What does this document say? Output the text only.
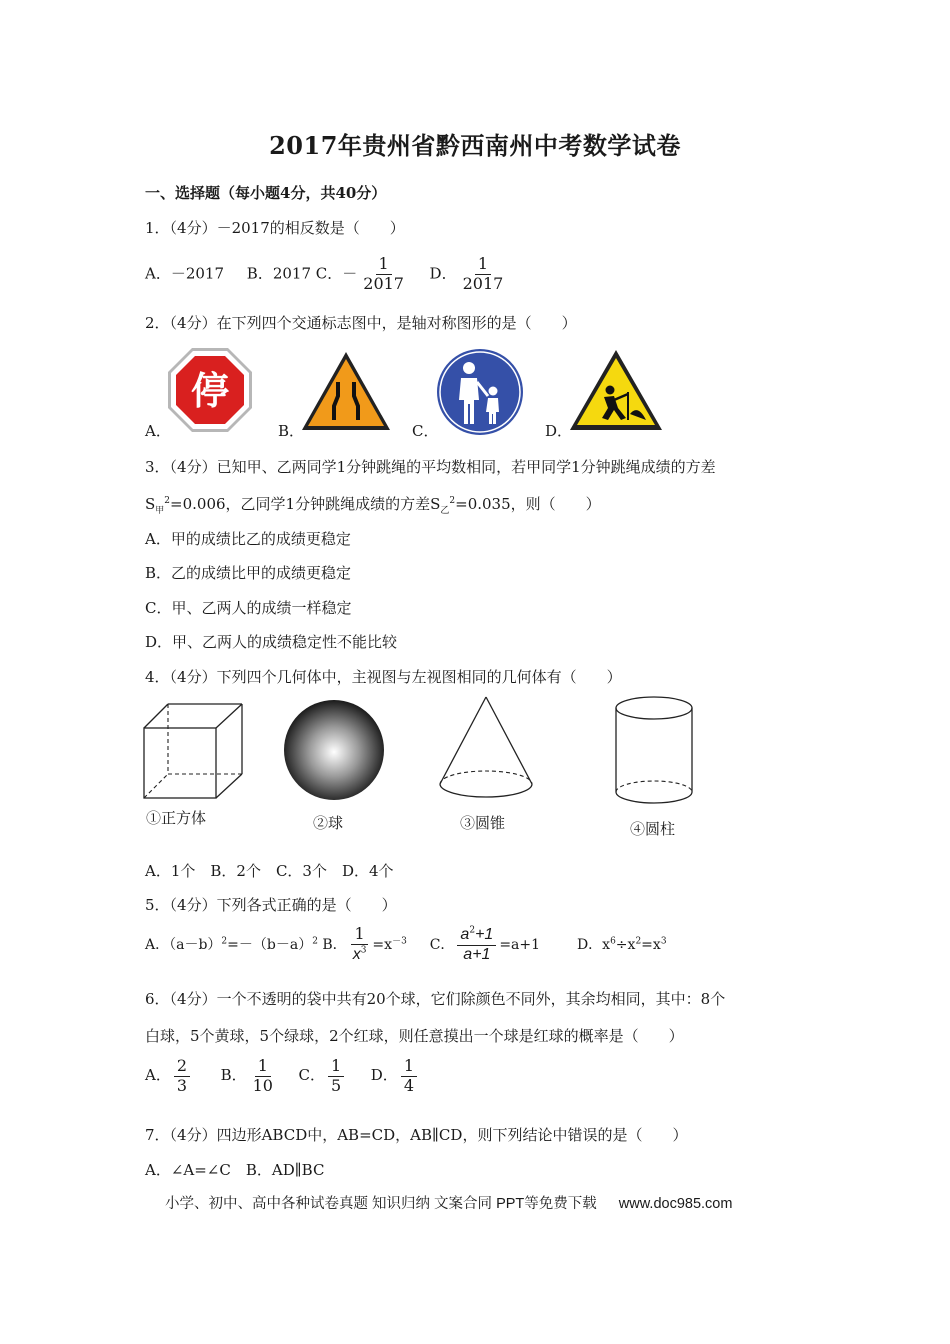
2017年贵州省黔西南州中考数学试卷
一、选择题（每小题4分，共40分）
1．（4分）－2017的相反数是（　　）
A．－2017 B．2017 C．－ $\frac{1}{2017}$ D． $\frac{1}{2017}$
2．（4分）在下列四个交通标志图中，是轴对称图形的是（　　）
A．	B．	C．	D．
停
3．（4分）已知甲、乙两同学1分钟跳绳的平均数相同，若甲同学1分钟跳绳成绩的方差
$S_甲^2=0.006$，乙同学1分钟跳绳成绩的方差$S_乙^2=0.035$，则（　　）
A．甲的成绩比乙的成绩更稳定
B．乙的成绩比甲的成绩更稳定
C．甲、乙两人的成绩一样稳定
D．甲、乙两人的成绩稳定性不能比较
4．（4分）下列四个几何体中，主视图与左视图相同的几何体有（　　）
①正方体	②球	③圆锥	④圆柱
A．1个　B．2个　C．3个　D．4个
5．（4分）下列各式正确的是（　　）
A．$(a-b)^2=-(b-a)^2$ B． $\frac{1}{x^3} =x^{-3}$ C． $\frac{a^2+1}{a+1} =a+1$	D．$x^6\div x^2=x^3$
6．（4分）一个不透明的袋中共有20个球，它们除颜色不同外，其余均相同，其中：8个
白球，5个黄球，5个绿球，2个红球，则任意摸出一个球是红球的概率是（　　）
A． $\frac{2}{3}$ B． $\frac{1}{10}$ C． $\frac{1}{5}$ D． $\frac{1}{4}$
7．（4分）四边形ABCD中，AB=CD，AB∥CD，则下列结论中错误的是（　　）
A．∠A=∠C　B．AD∥BC
小学、初中、高中各种试卷真题 知识归纳 文案合同 PPT等免费下载 www.doc985.com
